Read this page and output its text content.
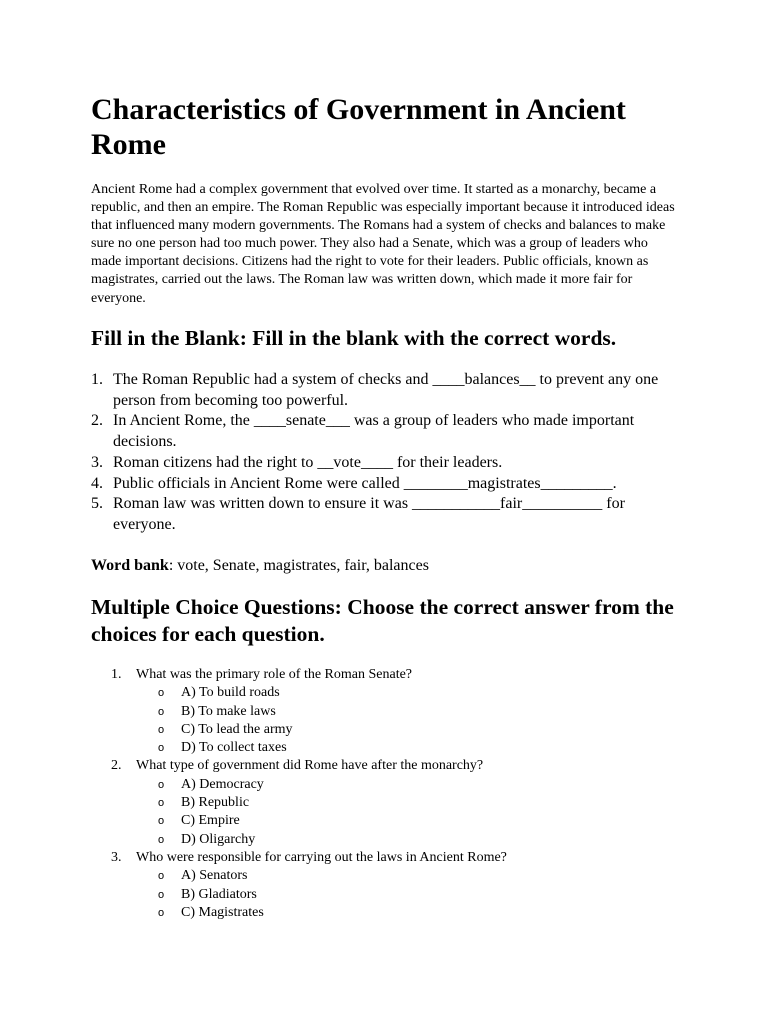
Characteristics of Government in Ancient Rome

Ancient Rome had a complex government that evolved over time. It started as a monarchy, became a republic, and then an empire. The Roman Republic was especially important because it introduced ideas that influenced many modern governments. The Romans had a system of checks and balances to make sure no one person had too much power. They also had a Senate, which was a group of leaders who made important decisions. Citizens had the right to vote for their leaders. Public officials, known as magistrates, carried out the laws. The Roman law was written down, which made it more fair for everyone.

Fill in the Blank: Fill in the blank with the correct words.
1. The Roman Republic had a system of checks and ____balances__ to prevent any one person from becoming too powerful.
2. In Ancient Rome, the ____senate___ was a group of leaders who made important decisions.
3. Roman citizens had the right to __vote____ for their leaders.
4. Public officials in Ancient Rome were called ________magistrates_________.
5. Roman law was written down to ensure it was ___________fair__________ for everyone.

Word bank: vote, Senate, magistrates, fair, balances

Multiple Choice Questions: Choose the correct answer from the choices for each question.
1. What was the primary role of the Roman Senate?
o A) To build roads
o B) To make laws
o C) To lead the army
o D) To collect taxes
2. What type of government did Rome have after the monarchy?
o A) Democracy
o B) Republic
o C) Empire
o D) Oligarchy
3. Who were responsible for carrying out the laws in Ancient Rome?
o A) Senators
o B) Gladiators
o C) Magistrates
